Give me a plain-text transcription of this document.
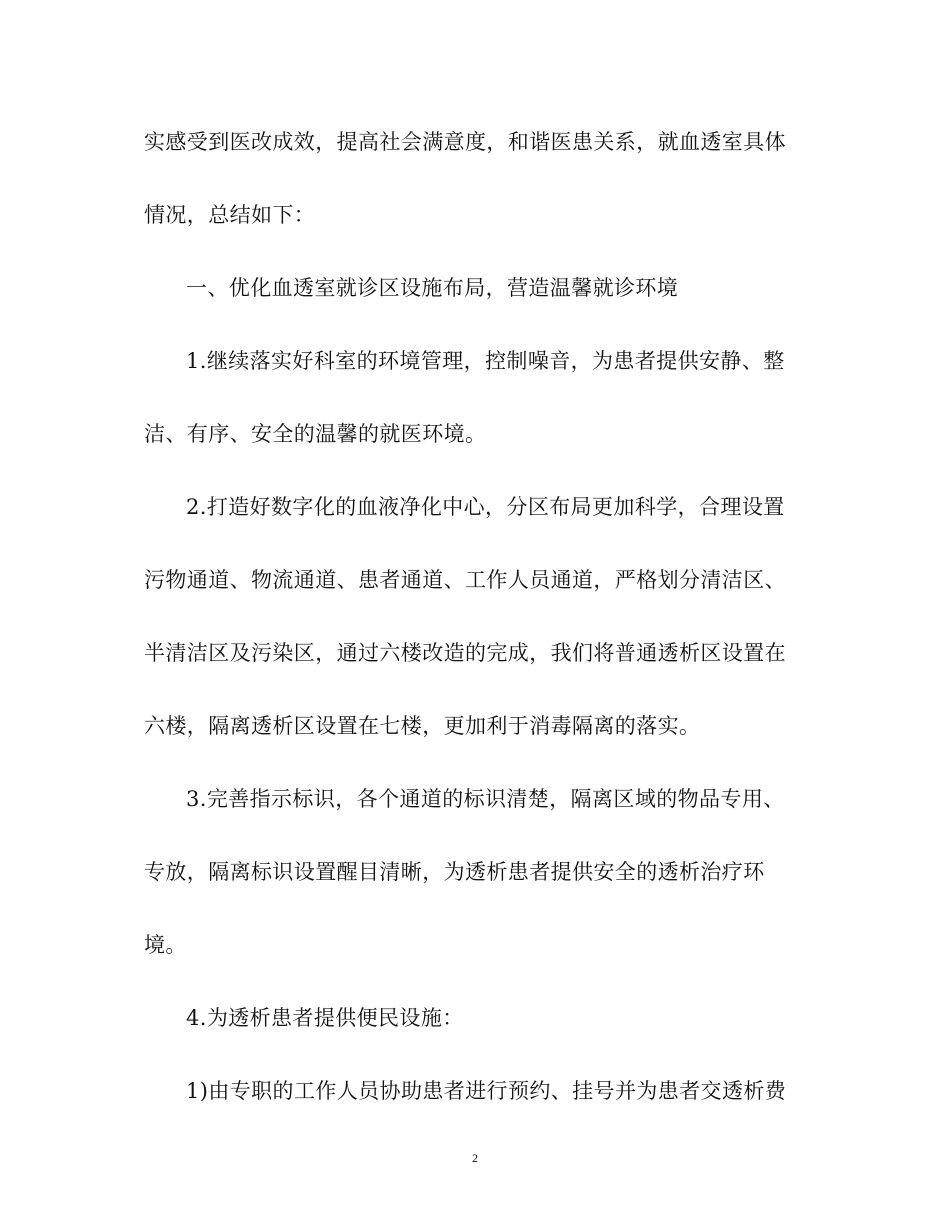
实感受到医改成效，提高社会满意度，和谐医患关系，就血透室具体
情况，总结如下：
一、优化血透室就诊区设施布局，营造温馨就诊环境
1.继续落实好科室的环境管理，控制噪音，为患者提供安静、整
洁、有序、安全的温馨的就医环境。
2.打造好数字化的血液净化中心，分区布局更加科学，合理设置
污物通道、物流通道、患者通道、工作人员通道，严格划分清洁区、
半清洁区及污染区，通过六楼改造的完成，我们将普通透析区设置在
六楼，隔离透析区设置在七楼，更加利于消毒隔离的落实。
3.完善指示标识，各个通道的标识清楚，隔离区域的物品专用、
专放，隔离标识设置醒目清晰，为透析患者提供安全的透析治疗环
境。
4.为透析患者提供便民设施：
1)由专职的工作人员协助患者进行预约、挂号并为患者交透析费
2
